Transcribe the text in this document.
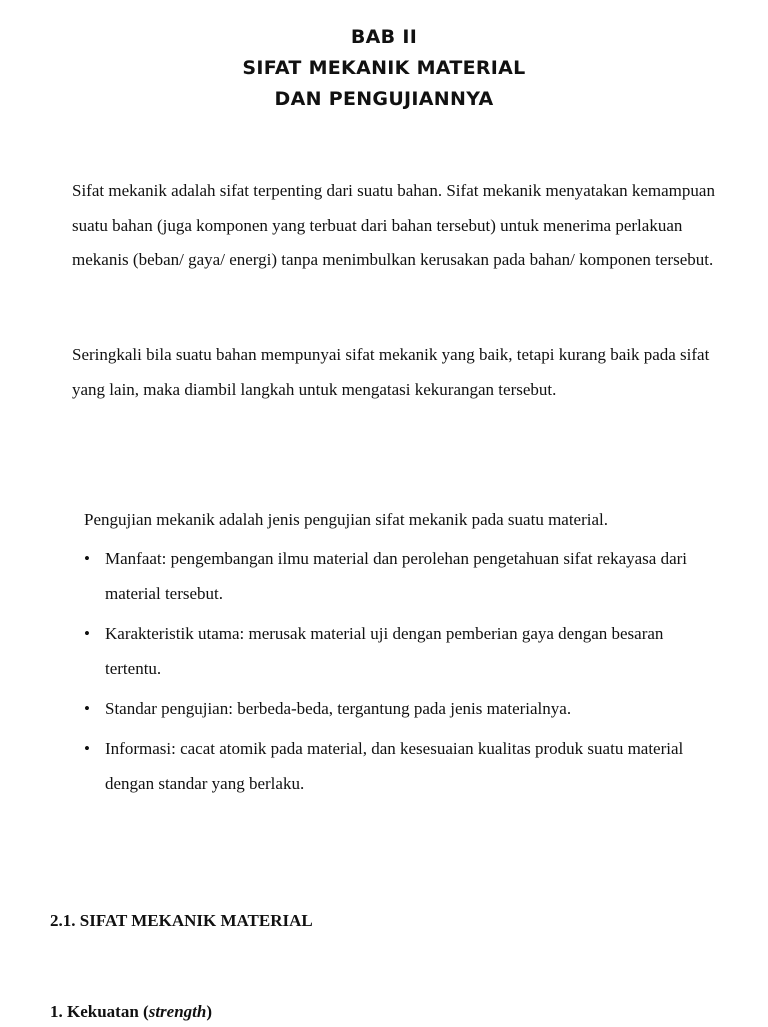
BAB II
SIFAT MEKANIK MATERIAL
DAN PENGUJIANNYA

Sifat mekanik adalah sifat terpenting dari suatu bahan. Sifat mekanik menyatakan kemampuan suatu bahan (juga komponen yang terbuat dari bahan tersebut) untuk menerima perlakuan mekanis (beban/ gaya/ energi) tanpa menimbulkan kerusakan pada bahan/ komponen tersebut.

Seringkali bila suatu bahan mempunyai sifat mekanik yang baik, tetapi kurang baik pada sifat yang lain, maka diambil langkah untuk mengatasi kekurangan tersebut.

Pengujian mekanik adalah jenis pengujian sifat mekanik pada suatu material.

• Manfaat: pengembangan ilmu material dan perolehan pengetahuan sifat rekayasa dari material tersebut.
• Karakteristik utama: merusak material uji dengan pemberian gaya dengan besaran tertentu.
• Standar pengujian: berbeda-beda, tergantung pada jenis materialnya.
• Informasi: cacat atomik pada material, dan kesesuaian kualitas produk suatu material dengan standar yang berlaku.
2.1. SIFAT MEKANIK MATERIAL
1. Kekuatan (strength)
